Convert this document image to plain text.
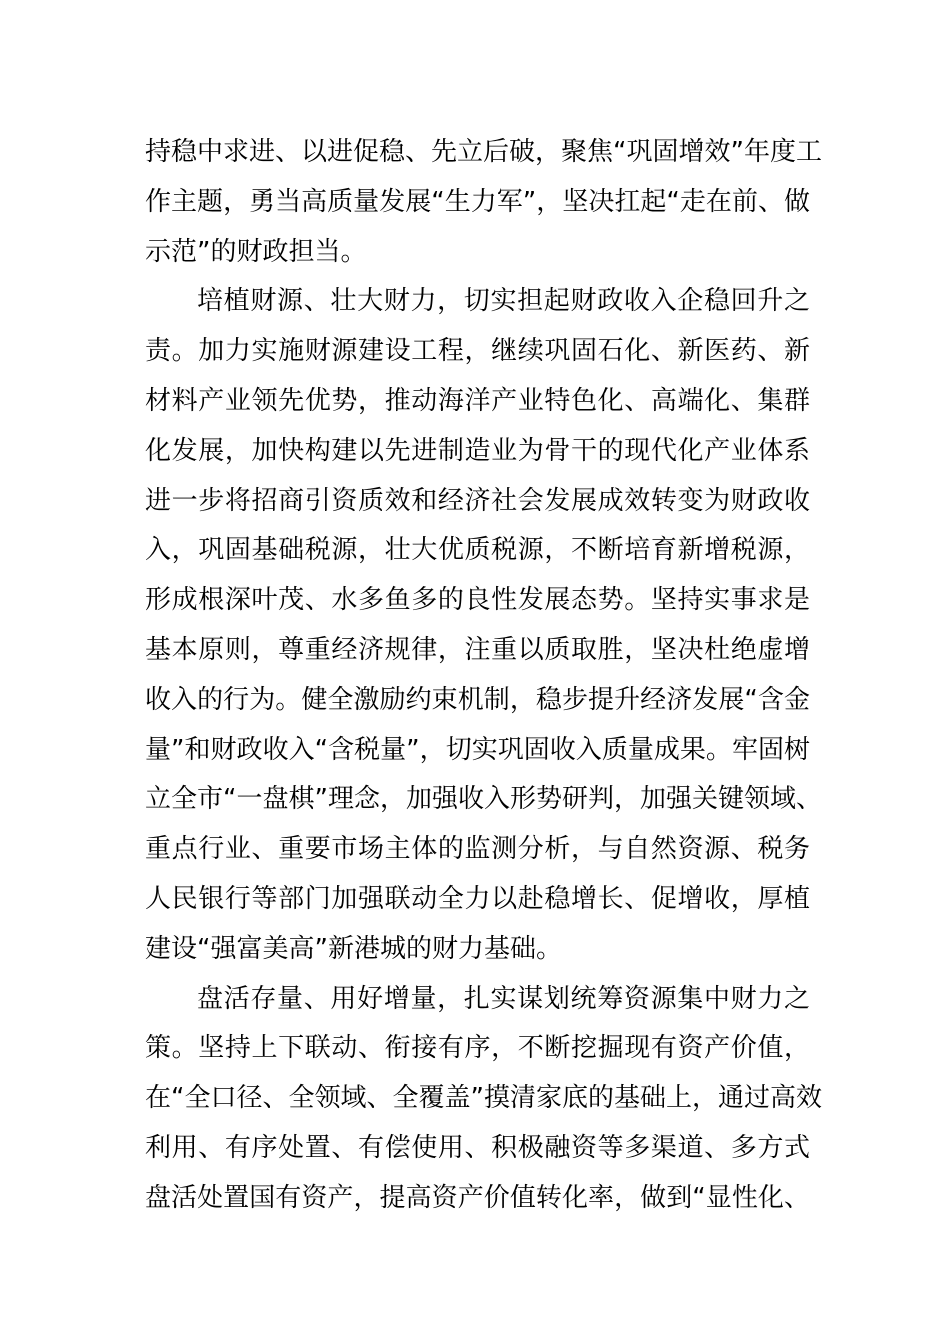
持稳中求进、以进促稳、先立后破，聚焦“巩固增效”年度工
作主题，勇当高质量发展“生力军”，坚决扛起“走在前、做
示范”的财政担当。
培植财源、壮大财力，切实担起财政收入企稳回升之
责。加力实施财源建设工程，继续巩固石化、新医药、新
材料产业领先优势，推动海洋产业特色化、高端化、集群
化发展，加快构建以先进制造业为骨干的现代化产业体系
进一步将招商引资质效和经济社会发展成效转变为财政收
入，巩固基础税源，壮大优质税源，不断培育新增税源，
形成根深叶茂、水多鱼多的良性发展态势。坚持实事求是
基本原则，尊重经济规律，注重以质取胜，坚决杜绝虚增
收入的行为。健全激励约束机制，稳步提升经济发展“含金
量”和财政收入“含税量”，切实巩固收入质量成果。牢固树
立全市“一盘棋”理念，加强收入形势研判，加强关键领域、
重点行业、重要市场主体的监测分析，与自然资源、税务
人民银行等部门加强联动全力以赴稳增长、促增收，厚植
建设“强富美高”新港城的财力基础。
盘活存量、用好增量，扎实谋划统筹资源集中财力之
策。坚持上下联动、衔接有序，不断挖掘现有资产价值，
在“全口径、全领域、全覆盖”摸清家底的基础上，通过高效
利用、有序处置、有偿使用、积极融资等多渠道、多方式
盘活处置国有资产，提高资产价值转化率，做到“显性化、
